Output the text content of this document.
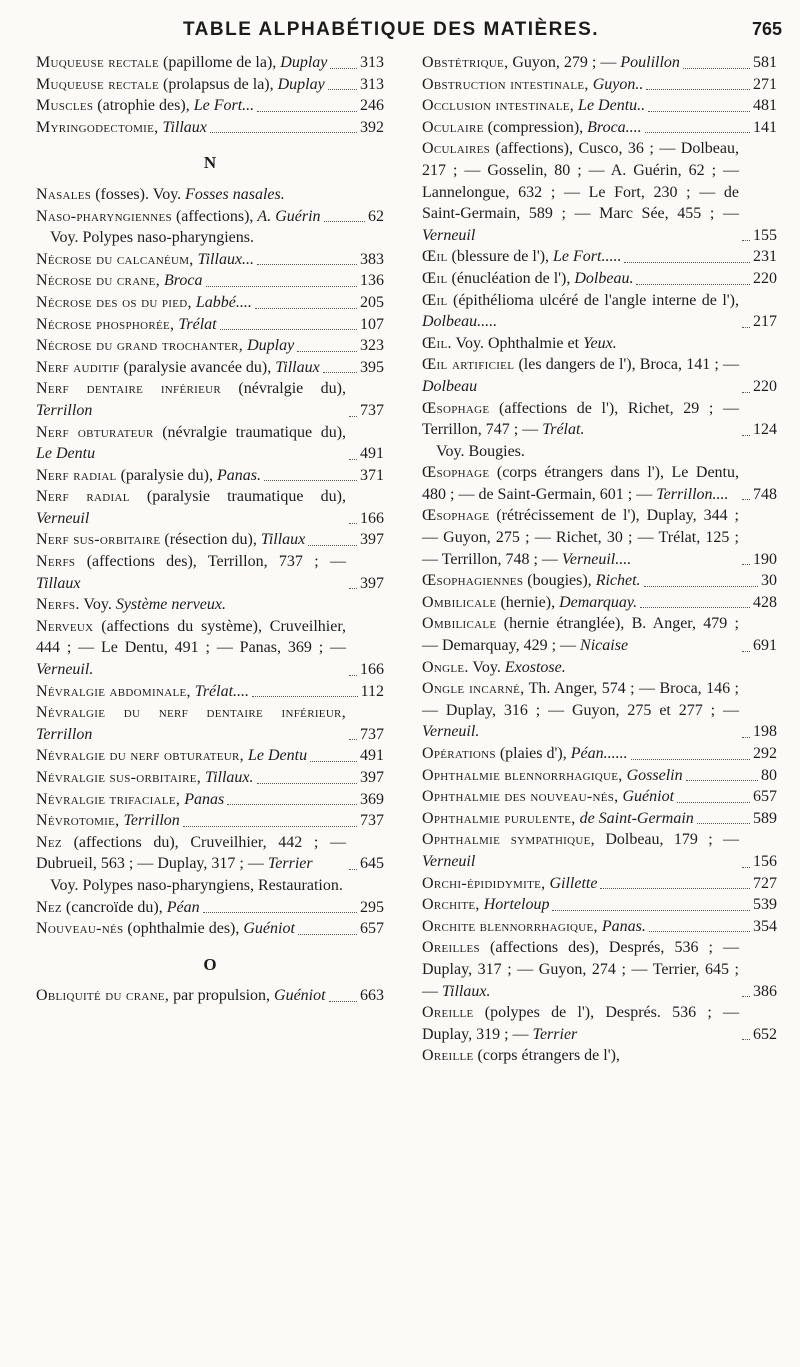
TABLE ALPHABÉTIQUE DES MATIÈRES.	765
Muqueuse rectale (papillome de la), Duplay 313
Muqueuse rectale (prolapsus de la), Duplay 313
Muscles (atrophie des), Le Fort...	246
Myringodectomie, Tillaux	392
N
Nasales (fosses). Voy. Fosses nasales.
Naso-pharyngiennes (affections), A. Guérin	62
Voy. Polypes naso-pharyngiens.
Nécrose du calcanéum, Tillaux...	383
Nécrose du crane, Broca	136
Nécrose des os du pied, Labbé....	205
Nécrose phosphorée, Trélat	107
Nécrose du grand trochanter, Duplay	323
Nerf auditif (paralysie avancée du), Tillaux	395
Nerf dentaire inférieur (névralgie du), Terrillon	737
Nerf obturateur (névralgie traumatique du), Le Dentu	491
Nerf radial (paralysie du), Panas.	371
Nerf radial (paralysie traumatique du), Verneuil	166
Nerf sus-orbitaire (résection du), Tillaux	397
Nerfs (affections des), Terrillon, 737 ; — Tillaux	397
Nerfs. Voy. Système nerveux.
Nerveux (affections du système), Cruveilhier, 444 ; — Le Dentu, 491 ; — Panas, 369 ; — Verneuil.	166
Névralgie abdominale, Trélat....	112
Névralgie du nerf dentaire inférieur, Terrillon	737
Névralgie du nerf obturateur, Le Dentu	491
Névralgie sus-orbitaire, Tillaux.	397
Névralgie trifaciale, Panas	369
Névrotomie, Terrillon	737
Nez (affections du), Cruveilhier, 442 ; — Dubrueil, 563 ; — Duplay, 317 ; — Terrier	645
Voy. Polypes naso-pharyngiens, Restauration.
Nez (cancroïde du), Péan	295
Nouveau-nés (ophthalmie des), Guéniot	657
O
Obliquité du crane, par propulsion, Guéniot 663
Obstétrique, Guyon, 279 ; — Poulillon	581
Obstruction intestinale, Guyon..	271
Occlusion intestinale, Le Dentu..	481
Oculaire (compression), Broca....	141
Oculaires (affections), Cusco, 36 ; — Dolbeau, 217 ; — Gosselin, 80 ; — A. Guérin, 62 ; — Lannelongue, 632 ; — Le Fort, 230 ; — de Saint-Germain, 589 ; — Marc Sée, 455 ; — Verneuil	155
Œil (blessure de l'), Le Fort.....	231
Œil (énucléation de l'), Dolbeau.	220
Œil (épithélioma ulcéré de l'angle interne de l'), Dolbeau.....	217
Œil. Voy. Ophthalmie et Yeux.
Œil artificiel (les dangers de l'), Broca, 141 ; — Dolbeau	220
Œsophage (affections de l'), Richet, 29 ; — Terrillon, 747 ; — Trélat.	124
Voy. Bougies.
Œsophage (corps étrangers dans l'), Le Dentu, 480 ; — de Saint-Germain, 601 ; — Terrillon....	748
Œsophage (rétrécissement de l'), Duplay, 344 ; — Guyon, 275 ; — Richet, 30 ; — Trélat, 125 ; — Terrillon, 748 ; — Verneuil....	190
Œsophagiennes (bougies), Richet.	30
Ombilicale (hernie), Demarquay.	428
Ombilicale (hernie étranglée), B. Anger, 479 ; — Demarquay, 429 ; — Nicaise	691
Ongle. Voy. Exostose.
Ongle incarné, Th. Anger, 574 ; — Broca, 146 ; — Duplay, 316 ; — Guyon, 275 et 277 ; — Verneuil.	198
Opérations (plaies d'), Péan......	292
Ophthalmie blennorrhagique, Gosselin	80
Ophthalmie des nouveau-nés, Guéniot	657
Ophthalmie purulente, de Saint-Germain	589
Ophthalmie sympathique, Dolbeau, 179 ; — Verneuil	156
Orchi-épididymite, Gillette	727
Orchite, Horteloup	539
Orchite blennorrhagique, Panas.	354
Oreilles (affections des), Després, 536 ; — Duplay, 317 ; — Guyon, 274 ; — Terrier, 645 ; — Tillaux.	386
Oreille (polypes de l'), Després. 536 ; — Duplay, 319 ; — Terrier	652
Oreille (corps étrangers de l'),
